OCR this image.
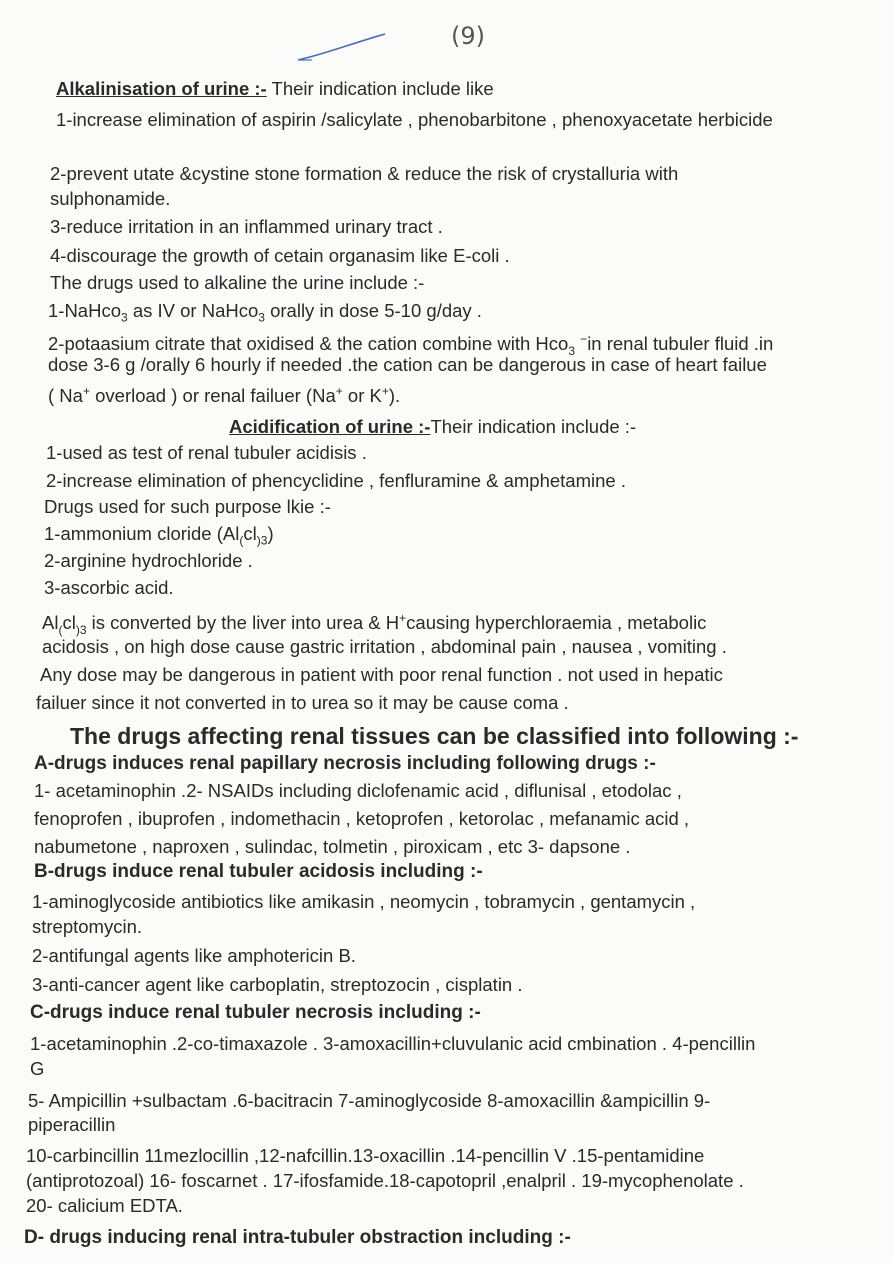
(9)
Alkalinisation of urine :- Their indication include like
1-increase elimination of aspirin /salicylate , phenobarbitone , phenoxyacetate herbicide
2-prevent utate &cystine stone formation & reduce the risk of crystalluria with
sulphonamide.
3-reduce irritation in an inflammed urinary tract .
4-discourage the growth of cetain organasim like E-coli .
The drugs used to alkaline the urine include :-
1-NaHco$_3$ as IV or NaHco$_3$ orally in dose 5-10 g/day .
2-potaasium citrate that oxidised & the cation combine with Hco$_3$ −in renal tubuler fluid .in
dose 3-6 g /orally 6 hourly if needed .the cation can be dangerous in case of heart failue
( Na+ overload ) or renal failuer (Na+ or K+).
Acidification of urine :-Their indication include :-
1-used as test of renal tubuler acidisis .
2-increase elimination of phencyclidine , fenfluramine & amphetamine .
Drugs used for such purpose lkie :-
1-ammonium cloride $(Al_(cl_{)3})$
2-arginine hydrochloride .
3-ascorbic acid.
$Al_(cl_{)3}$ is converted by the liver into urea & H+causing hyperchloraemia , metabolic
acidosis , on high dose cause gastric irritation , abdominal pain , nausea , vomiting .
Any dose may be dangerous in patient with poor renal function . not used in hepatic
failuer since it not converted in to urea so it may be cause coma .
The drugs affecting renal tissues can be classified into following :-
A-drugs induces renal papillary necrosis including following drugs :-
1- acetaminophin .2- NSAIDs including diclofenamic acid , diflunisal , etodolac ,
fenoprofen , ibuprofen , indomethacin , ketoprofen , ketorolac , mefanamic acid ,
nabumetone , naproxen , sulindac, tolmetin , piroxicam , etc 3- dapsone .
B-drugs induce renal tubuler acidosis including :-
1-aminoglycoside antibiotics like amikasin , neomycin , tobramycin , gentamycin ,
streptomycin.
2-antifungal agents like amphotericin B.
3-anti-cancer agent like carboplatin, streptozocin , cisplatin .
C-drugs induce renal tubuler necrosis including :-
1-acetaminophin .2-co-timaxazole . 3-amoxacillin+cluvulanic acid cmbination . 4-pencillin
G
5- Ampicillin +sulbactam .6-bacitracin 7-aminoglycoside 8-amoxacillin &ampicillin 9-
piperacillin
10-carbincillin 11mezlocillin ,12-nafcillin.13-oxacillin .14-pencillin V .15-pentamidine
(antiprotozoal) 16- foscarnet . 17-ifosfamide.18-capotopril ,enalpril . 19-mycophenolate .
20- calicium EDTA.
D- drugs inducing renal intra-tubuler obstraction including :-
